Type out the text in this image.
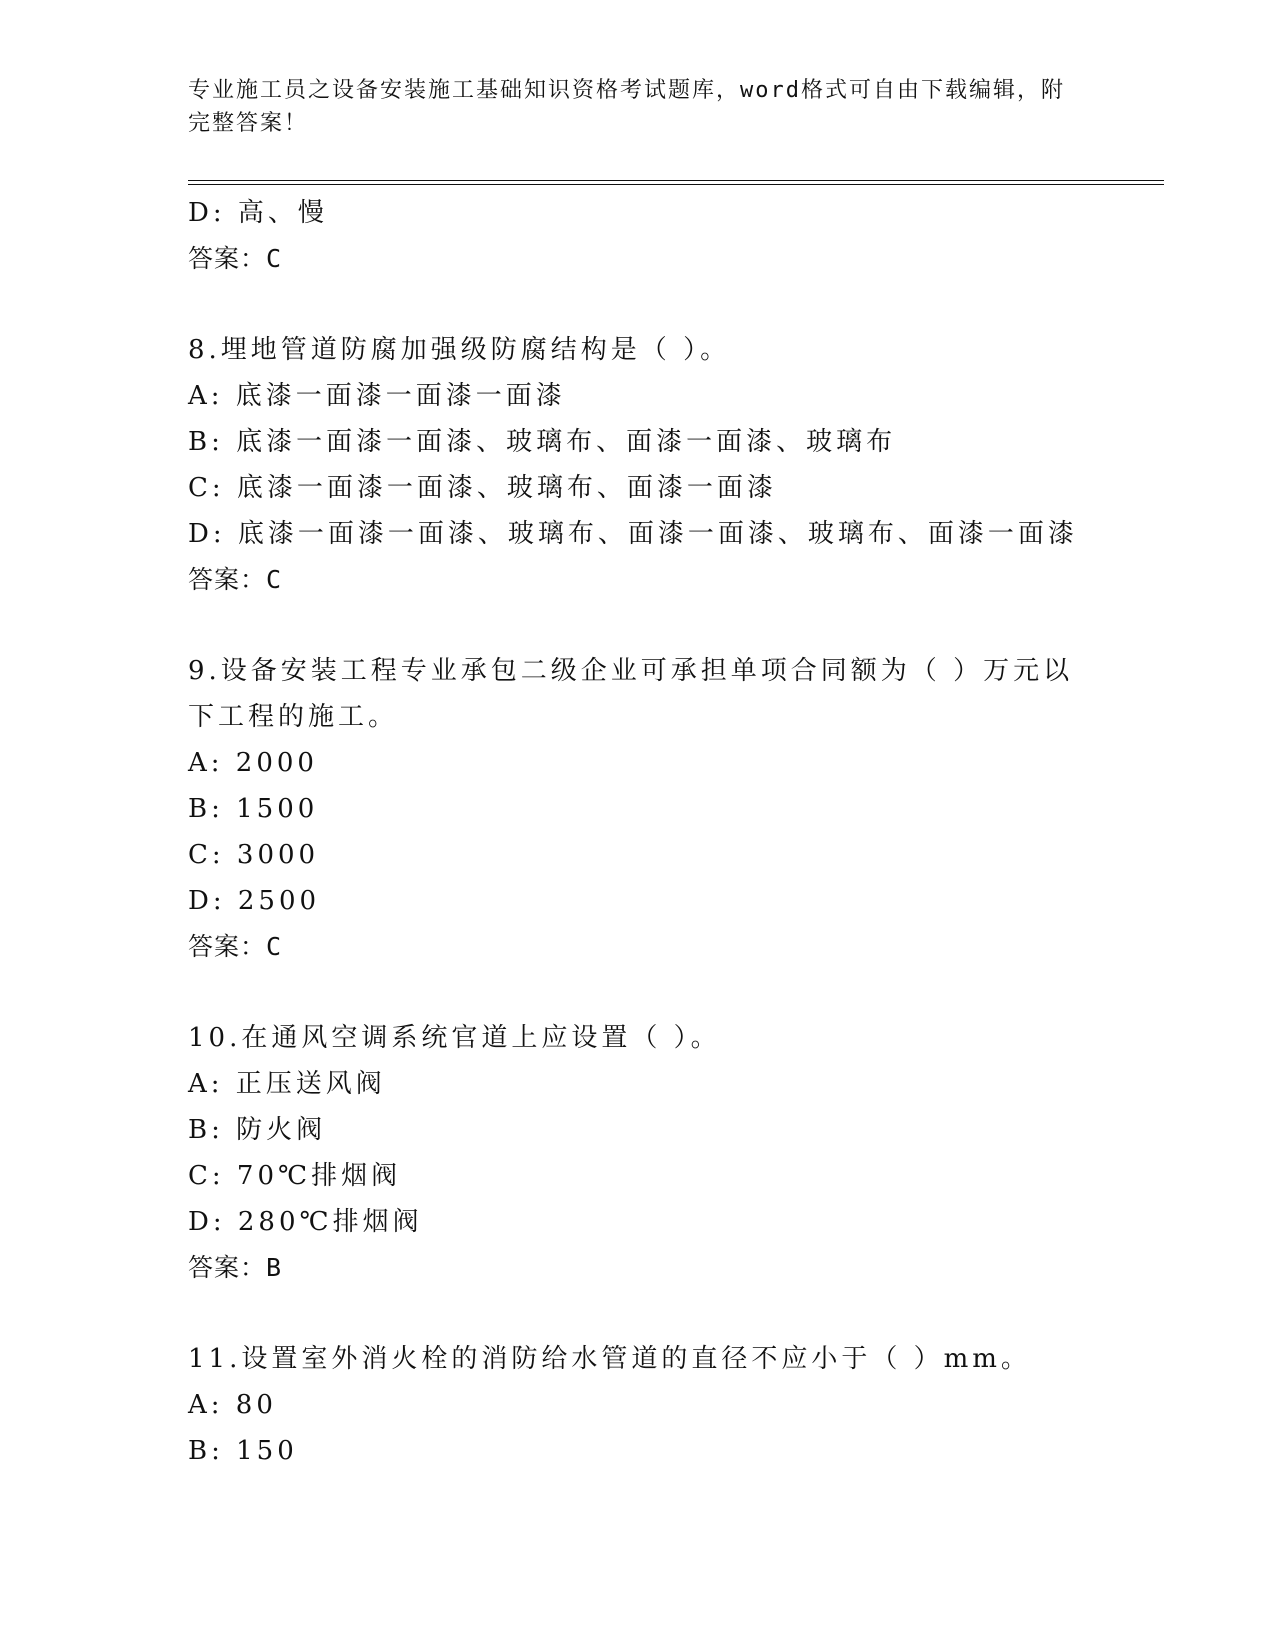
专业施工员之设备安装施工基础知识资格考试题库，word格式可自由下载编辑，附完整答案！
D: 高、慢
答案：C
8.埋地管道防腐加强级防腐结构是（ ）。
A: 底漆一面漆一面漆一面漆
B: 底漆一面漆一面漆、玻璃布、面漆一面漆、玻璃布
C: 底漆一面漆一面漆、玻璃布、面漆一面漆
D: 底漆一面漆一面漆、玻璃布、面漆一面漆、玻璃布、面漆一面漆
答案：C
9.设备安装工程专业承包二级企业可承担单项合同额为（ ）万元以下工程的施工。
A: 2000
B: 1500
C: 3000
D: 2500
答案：C
10.在通风空调系统官道上应设置（ ）。
A: 正压送风阀
B: 防火阀
C: 70℃排烟阀
D: 280℃排烟阀
答案：B
11.设置室外消火栓的消防给水管道的直径不应小于（ ）mm。
A: 80
B: 150
